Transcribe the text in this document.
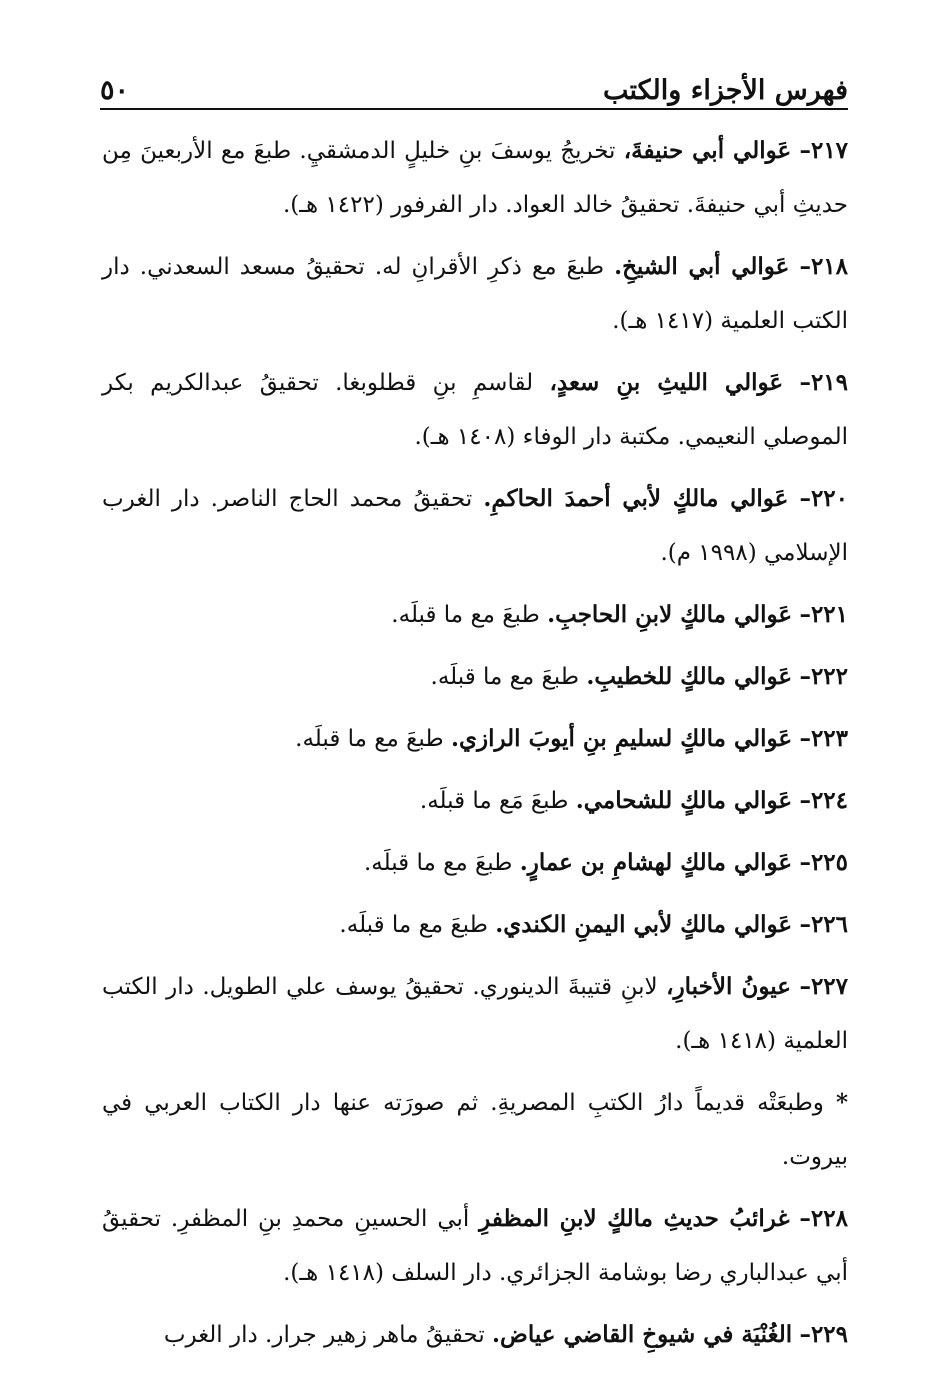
فهرس الأجزاء والكتب
٥٠

٢١٧– عَوالي أبي حنيفةَ، تخريجُ يوسفَ بنِ خليلٍ الدمشقيِ. طبعَ مع الأربعينَ مِن حديثِ أبي حنيفةَ. تحقيقُ خالد العواد. دار الفرفور (١٤٢٢ هـ).

٢١٨– عَوالي أبي الشيخِ. طبعَ مع ذكرِ الأقرانِ له. تحقيقُ مسعد السعدني. دار الكتب العلمية (١٤١٧ هـ).

٢١٩– عَوالي الليثِ بنِ سعدٍ، لقاسمِ بنِ قطلوبغا. تحقيقُ عبدالكريم بكر الموصلي النعيمي. مكتبة دار الوفاء (١٤٠٨ هـ).

٢٢٠– عَوالي مالكٍ لأبي أحمدَ الحاكمِ. تحقيقُ محمد الحاج الناصر. دار الغرب الإسلامي (١٩٩٨ م).

٢٢١– عَوالي مالكٍ لابنِ الحاجبِ. طبعَ مع ما قبلَه.

٢٢٢– عَوالي مالكٍ للخطيبِ. طبعَ مع ما قبلَه.

٢٢٣– عَوالي مالكٍ لسليمِ بنِ أيوبَ الرازي. طبعَ مع ما قبلَه.

٢٢٤– عَوالي مالكٍ للشحامي. طبعَ مَع ما قبلَه.

٢٢٥– عَوالي مالكٍ لهشامِ بن عمارٍ. طبعَ مع ما قبلَه.

٢٢٦– عَوالي مالكٍ لأبي اليمنِ الكندي. طبعَ مع ما قبلَه.

٢٢٧– عيونُ الأخبارِ، لابنِ قتيبةَ الدينوري. تحقيقُ يوسف علي الطويل. دار الكتب العلمية (١٤١٨ هـ).

* وطبعَتْه قديماً دارُ الكتبِ المصريةِ. ثم صورَته عنها دار الكتاب العربي في بيروت.

٢٢٨– غرائبُ حديثِ مالكٍ لابنِ المظفرِ أبي الحسينِ محمدِ بنِ المظفرِ. تحقيقُ أبي عبدالباري رضا بوشامة الجزائري. دار السلف (١٤١٨ هـ).

٢٢٩– الغُنْيَة في شيوخِ القاضي عياض. تحقيقُ ماهر زهير جرار. دار الغرب
